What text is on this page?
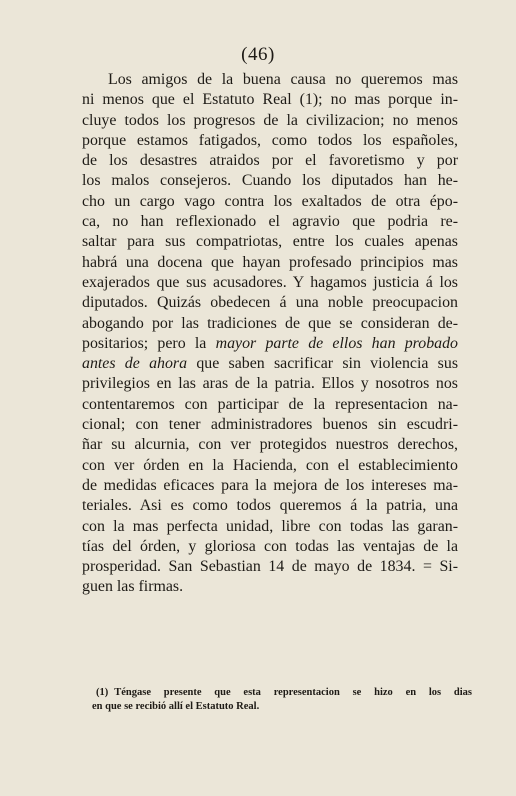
(46)
Los amigos de la buena causa no queremos mas
ni menos que el Estatuto Real (1); no mas porque in-
cluye todos los progresos de la civilizacion; no menos
porque estamos fatigados, como todos los españoles,
de los desastres atraidos por el favoretismo y por
los malos consejeros. Cuando los diputados han he-
cho un cargo vago contra los exaltados de otra épo-
ca, no han reflexionado el agravio que podria re-
saltar para sus compatriotas, entre los cuales apenas
habrá una docena que hayan profesado principios mas
exajerados que sus acusadores. Y hagamos justicia á los
diputados. Quizás obedecen á una noble preocupacion
abogando por las tradiciones de que se consideran de-
positarios; pero la mayor parte de ellos han probado
antes de ahora que saben sacrificar sin violencia sus
privilegios en las aras de la patria. Ellos y nosotros nos
contentaremos con participar de la representacion na-
cional; con tener administradores buenos sin escudri-
ñar su alcurnia, con ver protegidos nuestros derechos,
con ver órden en la Hacienda, con el establecimiento
de medidas eficaces para la mejora de los intereses ma-
teriales. Asi es como todos queremos á la patria, una
con la mas perfecta unidad, libre con todas las garan-
tías del órden, y gloriosa con todas las ventajas de la
prosperidad. San Sebastian 14 de mayo de 1834. = Si-
guen las firmas.
(1) Téngase presente que esta representacion se hizo en los dias
en que se recibió allí el Estatuto Real.
